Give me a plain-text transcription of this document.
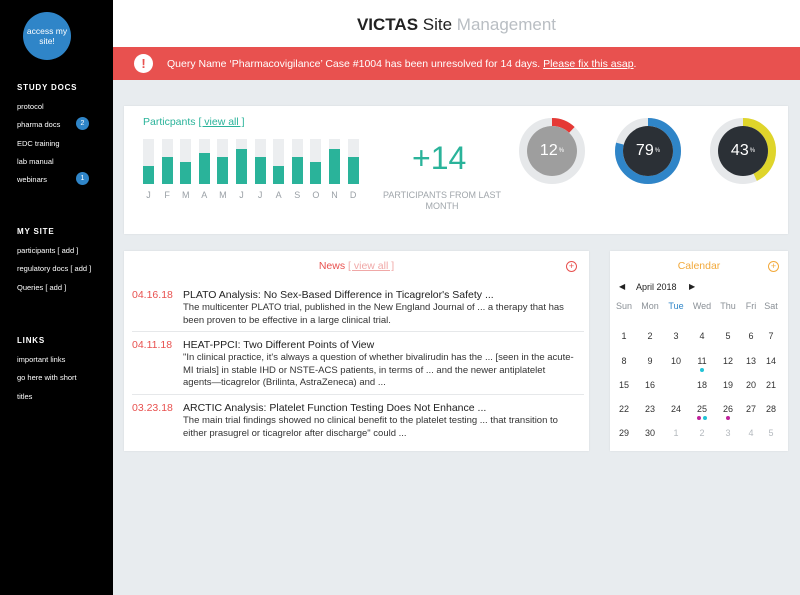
access my site!
STUDY DOCS
protocol
pharma docs	2
EDC training
lab manual
webinars	1
MY SITE
participants [ add ]
regulatory docs [ add ]
Queries [ add ]
LINKS
important links
go here with short
titles
VICTAS Site Management
!	Query Name ‘Pharmacovigilance’ Case #1004 has been unresolved for 14 days. Please fix this asap.
Particpants [ view all ]
J	F	M A M	J	J	A S O N D
+14
PARTICIPANTS FROM LAST MONTH
12 %	79 %	43 %
News [ view all ]	+
04.16.18 PLATO Analysis: No Sex-Based Difference in Ticagrelor's Safety ...
The multicenter PLATO trial, published in the New England Journal of ... a therapy that has been proven to be effective in a large clinical trial.
04.11.18 HEAT-PPCI: Two Different Points of View
"In clinical practice, it's always a question of whether bivalirudin has the ... [seen in the acute-MI trials] in stable IHD or NSTE-ACS patients, in terms of ... and the newer antiplatelet agents—ticagrelor (Brilinta, AstraZeneca) and ...
03.23.18 ARCTIC Analysis: Platelet Function Testing Does Not Enhance ...
The main trial findings showed no clinical benefit to the platelet testing ... that transition to either prasugrel or ticagrelor after discharge" could ...
Calendar	+
◀ April 2018 ▶
Sun Mon Tue Wed Thu	Fri Sat
1	2	3	4	5	6	7
8	9	10	11	12	13	14
15	16	17	18	19	20	21
22	23	24	25	26	27	28
29	30	1	2	3	4	5
